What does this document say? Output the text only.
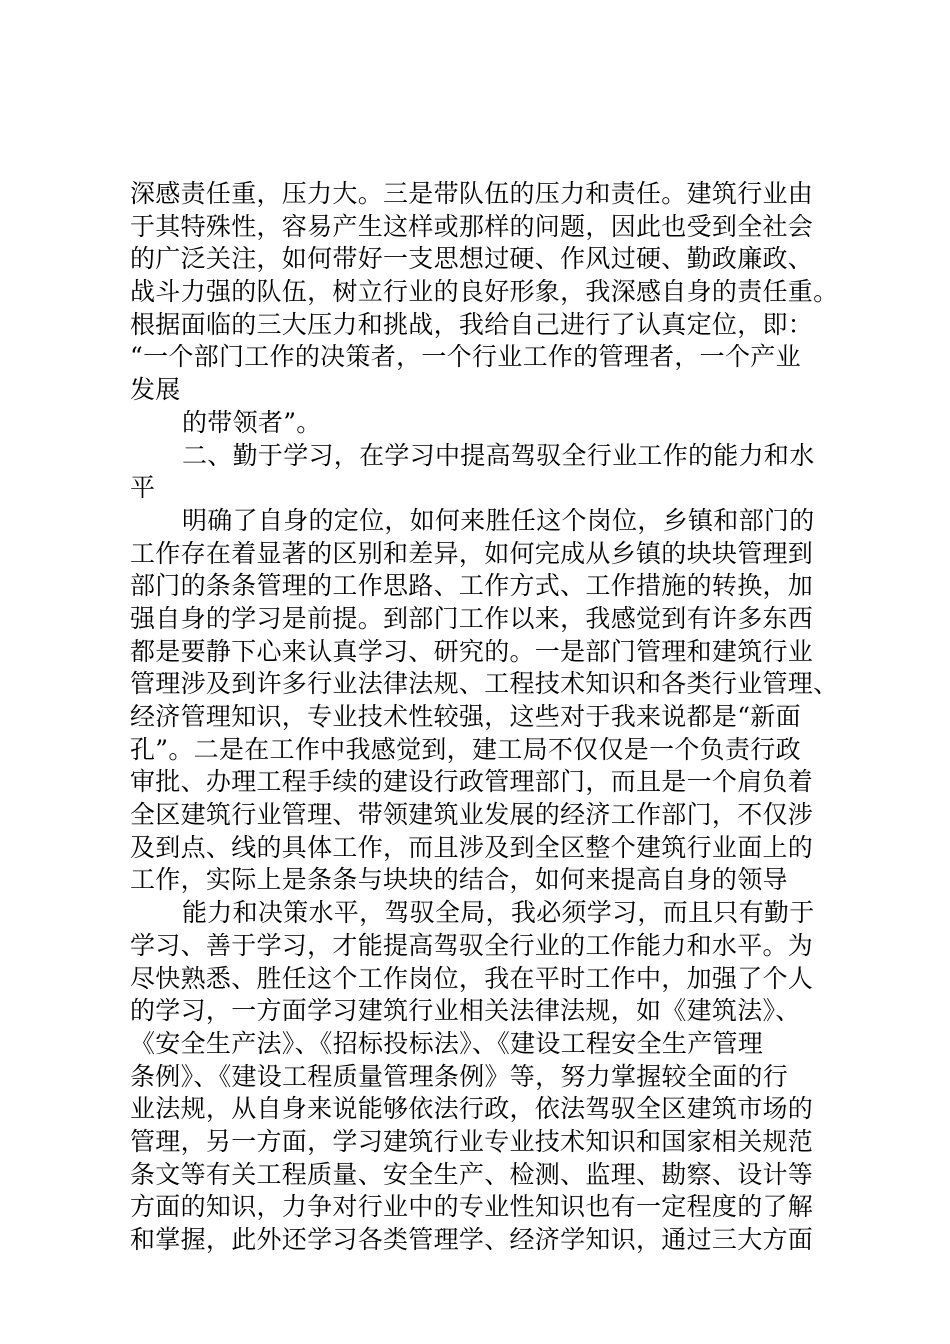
深感责任重，压力大。三是带队伍的压力和责任。建筑行业由
于其特殊性，容易产生这样或那样的问题，因此也受到全社会
的广泛关注，如何带好一支思想过硬、作风过硬、勤政廉政、
战斗力强的队伍，树立行业的良好形象，我深感自身的责任重。
根据面临的三大压力和挑战，我给自己进行了认真定位，即：
“一个部门工作的决策者，一个行业工作的管理者，一个产业
发展
的带领者”。
二、勤于学习，在学习中提高驾驭全行业工作的能力和水
平
明确了自身的定位，如何来胜任这个岗位，乡镇和部门的
工作存在着显著的区别和差异，如何完成从乡镇的块块管理到
部门的条条管理的工作思路、工作方式、工作措施的转换，加
强自身的学习是前提。到部门工作以来，我感觉到有许多东西
都是要静下心来认真学习、研究的。一是部门管理和建筑行业
管理涉及到许多行业法律法规、工程技术知识和各类行业管理、
经济管理知识，专业技术性较强，这些对于我来说都是“新面
孔”。二是在工作中我感觉到，建工局不仅仅是一个负责行政
审批、办理工程手续的建设行政管理部门，而且是一个肩负着
全区建筑行业管理、带领建筑业发展的经济工作部门，不仅涉
及到点、线的具体工作，而且涉及到全区整个建筑行业面上的
工作，实际上是条条与块块的结合，如何来提高自身的领导
能力和决策水平，驾驭全局，我必须学习，而且只有勤于
学习、善于学习，才能提高驾驭全行业的工作能力和水平。为
尽快熟悉、胜任这个工作岗位，我在平时工作中，加强了个人
的学习，一方面学习建筑行业相关法律法规，如《建筑法》、
《安全生产法》、《招标投标法》、《建设工程安全生产管理
条例》、《建设工程质量管理条例》等，努力掌握较全面的行
业法规，从自身来说能够依法行政，依法驾驭全区建筑市场的
管理，另一方面，学习建筑行业专业技术知识和国家相关规范
条文等有关工程质量、安全生产、检测、监理、勘察、设计等
方面的知识，力争对行业中的专业性知识也有一定程度的了解
和掌握，此外还学习各类管理学、经济学知识，通过三大方面
